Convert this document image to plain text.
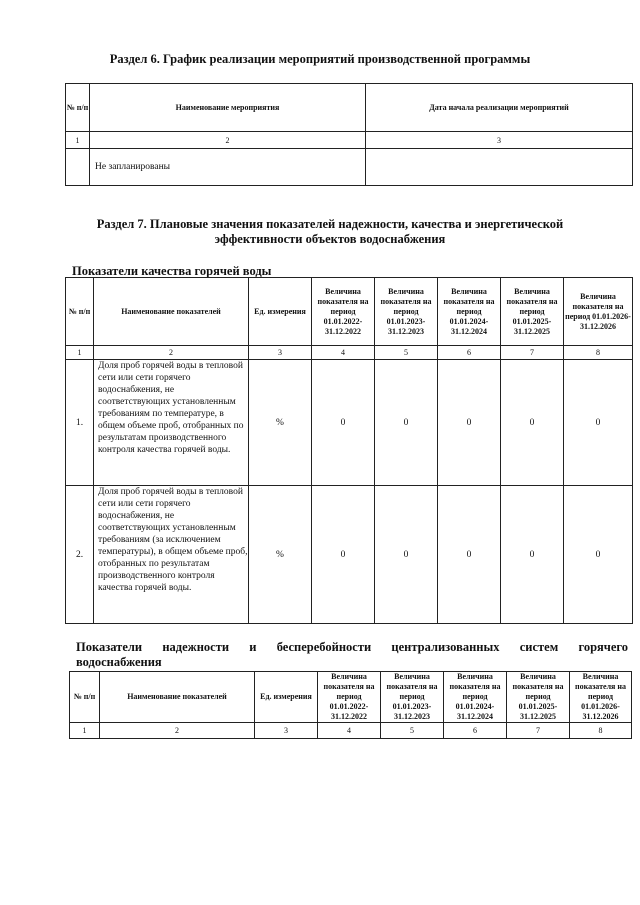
Раздел 6. График реализации мероприятий производственной программы
№ п/п	Наименование мероприятия	Дата начала реализации мероприятий
1	2	3
	Не запланированы	
Раздел 7. Плановые значения показателей надежности, качества и энергетической
эффективности объектов водоснабжения
Показатели качества горячей воды
№ п/п	Наименование показателей	Ед. измерения	Величина показателя на период 01.01.2022-31.12.2022	Величина показателя на период 01.01.2023-31.12.2023	Величина показателя на период 01.01.2024-31.12.2024	Величина показателя на период 01.01.2025-31.12.2025	Величина показателя на период 01.01.2026-31.12.2026
1	2	3	4	5	6	7	8
1.	Доля проб горячей воды в тепловой сети или сети горячего водоснабжения, не соответствующих установленным требованиям по температуре, в общем объеме проб, отобранных по результатам производственного контроля качества горячей воды.	%	0	0	0	0	0
2.	Доля проб горячей воды в тепловой сети или сети горячего водоснабжения, не соответствующих установленным требованиям (за исключением температуры), в общем объеме проб, отобранных по результатам производственного контроля качества горячей воды.	%	0	0	0	0	0
Показатели надежности и бесперебойности централизованных систем горячего
водоснабжения
№ п/п	Наименование показателей	Ед. измерения	Величина показателя на период 01.01.2022-31.12.2022	Величина показателя на период 01.01.2023-31.12.2023	Величина показателя на период 01.01.2024-31.12.2024	Величина показателя на период 01.01.2025-31.12.2025	Величина показателя на период 01.01.2026-31.12.2026
1	2	3	4	5	6	7	8
